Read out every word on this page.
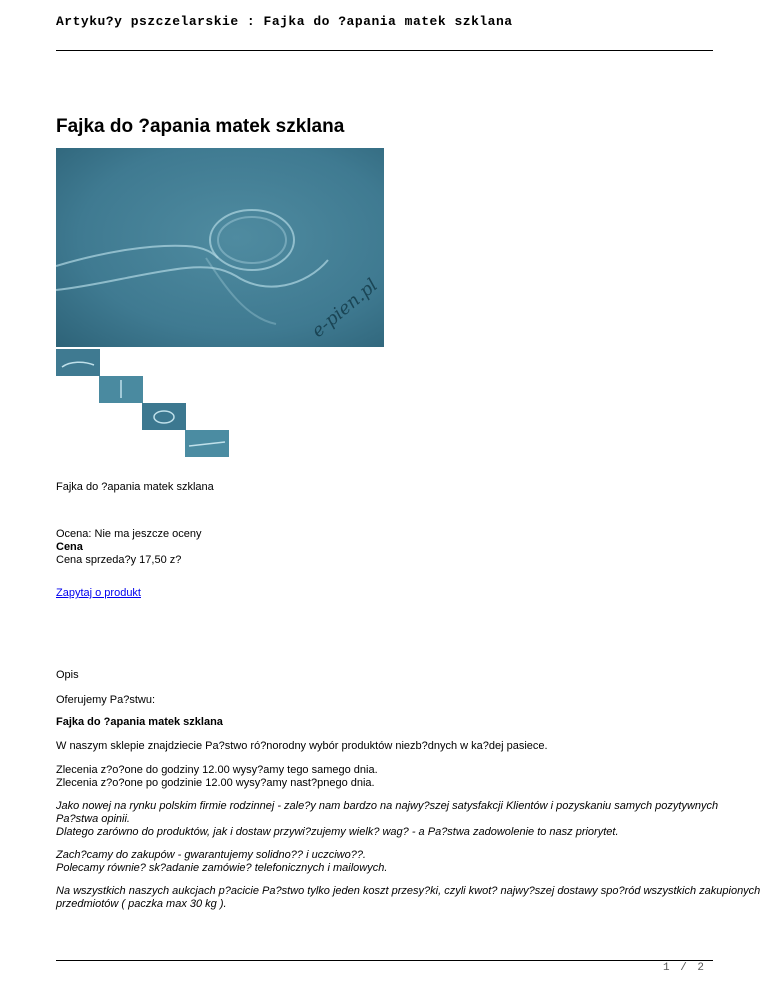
Artyku?y pszczelarskie : Fajka do ?apania matek szklana
Fajka do ?apania matek szklana
e-pien.pl
Fajka do ?apania matek szklana
Ocena: Nie ma jeszcze oceny
Cena
Cena sprzeda?y 17,50 z?
Zapytaj o produkt
Opis
Oferujemy Pa?stwu:
Fajka do ?apania matek szklana
W naszym sklepie znajdziecie Pa?stwo ró?norodny wybór produktów niezb?dnych w ka?dej pasiece.
Zlecenia z?o?one do godziny 12.00 wysy?amy tego samego dnia.
Zlecenia z?o?one po godzinie 12.00 wysy?amy nast?pnego dnia.
Jako nowej na rynku polskim firmie rodzinnej - zale?y nam bardzo na najwy?szej satysfakcji Klientów i pozyskaniu samych pozytywnych
Pa?stwa opinii.
Dlatego zarówno do produktów, jak i dostaw przywi?zujemy wielk? wag? - a Pa?stwa zadowolenie to nasz priorytet.
Zach?camy do zakupów - gwarantujemy solidno?? i uczciwo??.
Polecamy równie? sk?adanie zamówie? telefonicznych i mailowych.
Na wszystkich naszych aukcjach p?acicie Pa?stwo tylko jeden koszt przesy?ki, czyli kwot? najwy?szej dostawy spo?ród wszystkich zakupionych
przedmiotów ( paczka max 30 kg ).
1 / 2
